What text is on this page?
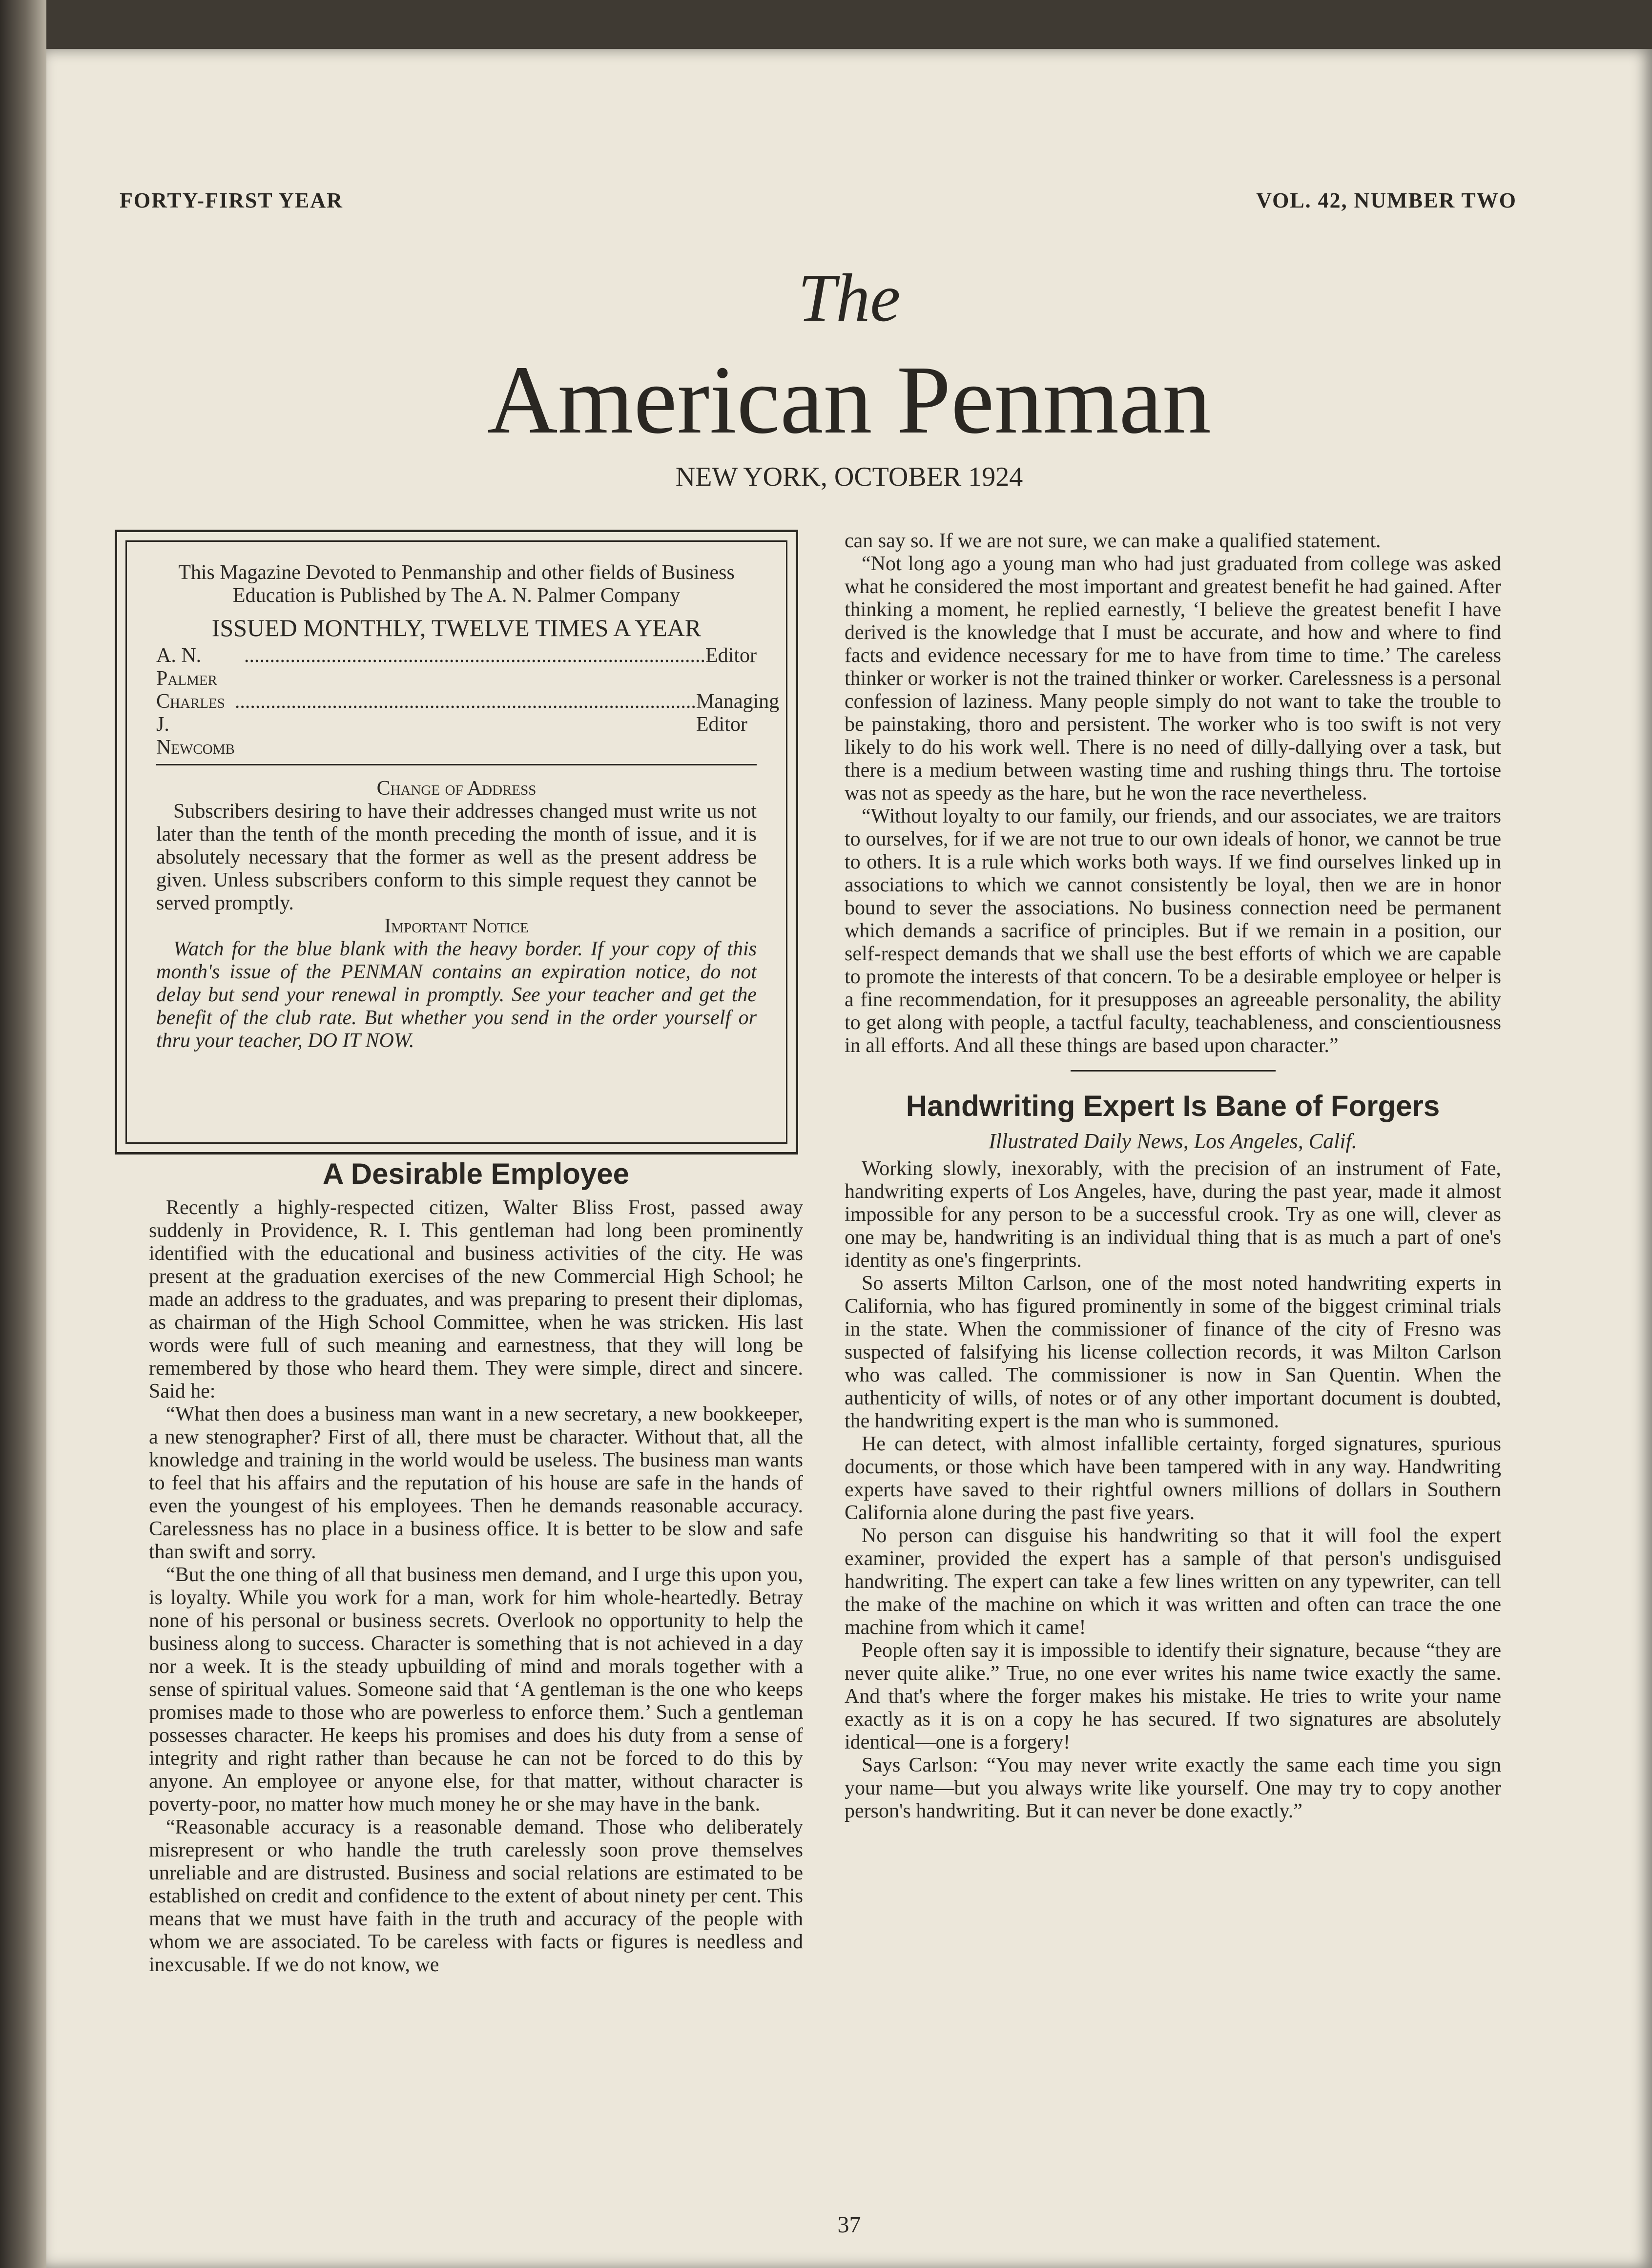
FORTY-FIRST YEAR	VOL. 42, NUMBER TWO
The
American Penman
NEW YORK, OCTOBER 1924

This Magazine Devoted to Penmanship and other fields of Business Education is Published by The A. N. Palmer Company

ISSUED MONTHLY, TWELVE TIMES A YEAR

A. N. Palmer
.......................................................................................... Editor
Charles J. Newcomb
.......................................................................................... Managing Editor

Change of Address

Subscribers desiring to have their addresses changed must write us not later than the tenth of the month preceding the month of issue, and it is absolutely necessary that the former as well as the present address be given. Unless subscribers conform to this simple request they cannot be served promptly.

Important Notice

Watch for the blue blank with the heavy border. If your copy of this month's issue of the PENMAN contains an expiration notice, do not delay but send your renewal in promptly. See your teacher and get the benefit of the club rate. But whether you send in the order yourself or thru your teacher, DO IT NOW.

A Desirable Employee

Recently a highly-respected citizen, Walter Bliss Frost, passed away suddenly in Providence, R. I. This gentleman had long been prominently identified with the educational and business activities of the city. He was present at the graduation exercises of the new Commercial High School; he made an address to the graduates, and was preparing to present their diplomas, as chairman of the High School Committee, when he was stricken. His last words were full of such meaning and earnestness, that they will long be remembered by those who heard them. They were simple, direct and sincere. Said he:

“What then does a business man want in a new secretary, a new bookkeeper, a new stenographer? First of all, there must be character. Without that, all the knowledge and training in the world would be useless. The business man wants to feel that his affairs and the reputation of his house are safe in the hands of even the youngest of his employees. Then he demands reasonable accuracy. Carelessness has no place in a business office. It is better to be slow and safe than swift and sorry.

“But the one thing of all that business men demand, and I urge this upon you, is loyalty. While you work for a man, work for him whole-heartedly. Betray none of his personal or business secrets. Overlook no opportunity to help the business along to success. Character is something that is not achieved in a day nor a week. It is the steady upbuilding of mind and morals together with a sense of spiritual values. Someone said that ‘A gentleman is the one who keeps promises made to those who are powerless to enforce them.’ Such a gentleman possesses character. He keeps his promises and does his duty from a sense of integrity and right rather than because he can not be forced to do this by anyone. An employee or anyone else, for that matter, without character is poverty-poor, no matter how much money he or she may have in the bank.

“Reasonable accuracy is a reasonable demand. Those who deliberately misrepresent or who handle the truth carelessly soon prove themselves unreliable and are distrusted. Business and social relations are estimated to be established on credit and confidence to the extent of about ninety per cent. This means that we must have faith in the truth and accuracy of the people with whom we are associated. To be careless with facts or figures is needless and inexcusable. If we do not know, we

can say so. If we are not sure, we can make a qualified statement.

“Not long ago a young man who had just graduated from college was asked what he considered the most important and greatest benefit he had gained. After thinking a moment, he replied earnestly, ‘I believe the greatest benefit I have derived is the knowledge that I must be accurate, and how and where to find facts and evidence necessary for me to have from time to time.’ The careless thinker or worker is not the trained thinker or worker. Carelessness is a personal confession of laziness. Many people simply do not want to take the trouble to be painstaking, thoro and persistent. The worker who is too swift is not very likely to do his work well. There is no need of dilly-dallying over a task, but there is a medium between wasting time and rushing things thru. The tortoise was not as speedy as the hare, but he won the race nevertheless.

“Without loyalty to our family, our friends, and our associates, we are traitors to ourselves, for if we are not true to our own ideals of honor, we cannot be true to others. It is a rule which works both ways. If we find ourselves linked up in associations to which we cannot consistently be loyal, then we are in honor bound to sever the associations. No business connection need be permanent which demands a sacrifice of principles. But if we remain in a position, our self-respect demands that we shall use the best efforts of which we are capable to promote the interests of that concern. To be a desirable employee or helper is a fine recommendation, for it presupposes an agreeable personality, the ability to get along with people, a tactful faculty, teachableness, and conscientiousness in all efforts. And all these things are based upon character.”

Handwriting Expert Is Bane of Forgers

Illustrated Daily News, Los Angeles, Calif.

Working slowly, inexorably, with the precision of an instrument of Fate, handwriting experts of Los Angeles, have, during the past year, made it almost impossible for any person to be a successful crook. Try as one will, clever as one may be, handwriting is an individual thing that is as much a part of one's identity as one's fingerprints.

So asserts Milton Carlson, one of the most noted handwriting experts in California, who has figured prominently in some of the biggest criminal trials in the state. When the commissioner of finance of the city of Fresno was suspected of falsifying his license collection records, it was Milton Carlson who was called. The commissioner is now in San Quentin. When the authenticity of wills, of notes or of any other important document is doubted, the handwriting expert is the man who is summoned.

He can detect, with almost infallible certainty, forged signatures, spurious documents, or those which have been tampered with in any way. Handwriting experts have saved to their rightful owners millions of dollars in Southern California alone during the past five years.

No person can disguise his handwriting so that it will fool the expert examiner, provided the expert has a sample of that person's undisguised handwriting. The expert can take a few lines written on any typewriter, can tell the make of the machine on which it was written and often can trace the one machine from which it came!

People often say it is impossible to identify their signature, because “they are never quite alike.” True, no one ever writes his name twice exactly the same. And that's where the forger makes his mistake. He tries to write your name exactly as it is on a copy he has secured. If two signatures are absolutely identical—one is a forgery!

Says Carlson: “You may never write exactly the same each time you sign your name—but you always write like yourself. One may try to copy another person's handwriting. But it can never be done exactly.”

37
